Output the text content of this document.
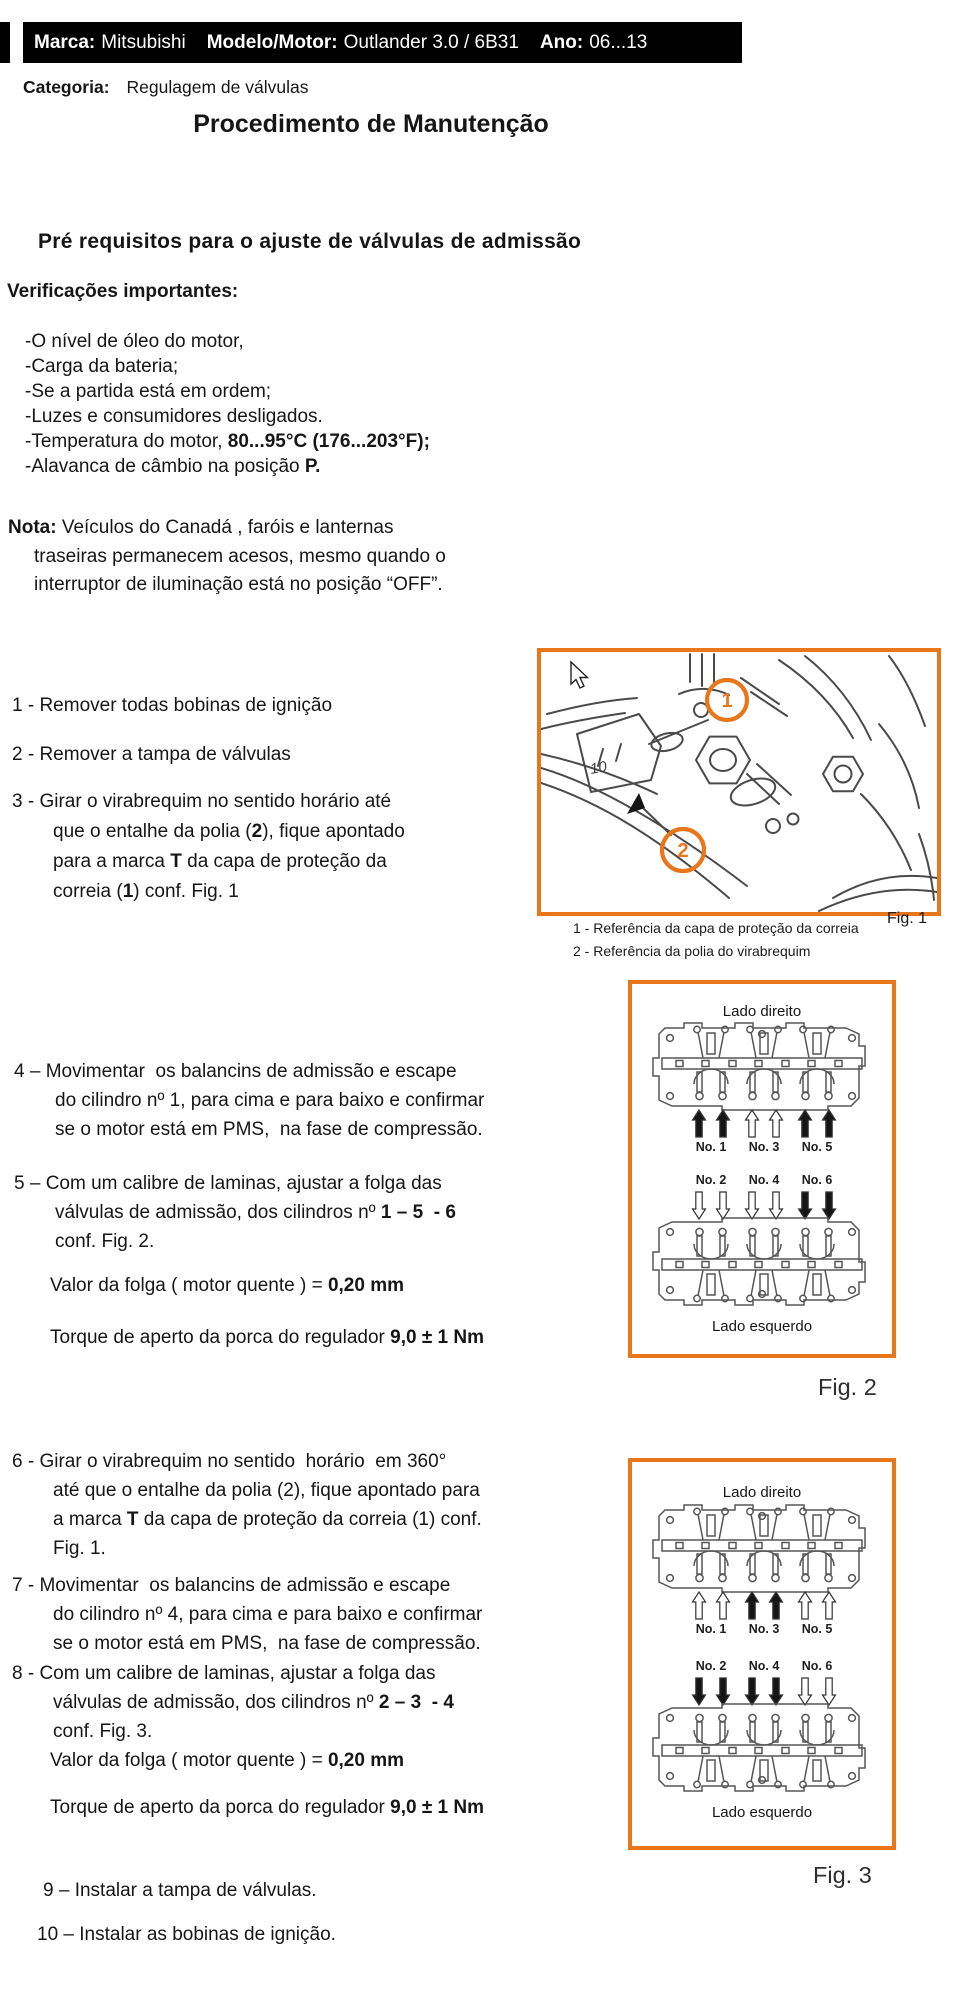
Marca: Mitsubishi Modelo/Motor: Outlander 3.0 / 6B31 Ano: 06...13
Categoria: Regulagem de válvulas
Procedimento de Manutenção
Pré requisitos para o ajuste de válvulas de admissão
Verificações importantes:
-O nível de óleo do motor,
-Carga da bateria;
-Se a partida está em ordem;
-Luzes e consumidores desligados.
-Temperatura do motor, 80...95°C (176...203°F);
-Alavanca de câmbio na posição P.
Nota: Veículos do Canadá , faróis e lanternas
traseiras permanecem acesos, mesmo quando o
interruptor de iluminação está no posição “OFF”.
1 - Remover todas bobinas de ignição
2 - Remover a tampa de válvulas
3 - Girar o virabrequim no sentido horário até
que o entalhe da polia (2), fique apontado
para a marca T da capa de proteção da
correia (1) conf. Fig. 1
4 – Movimentar  os balancins de admissão e escape
do cilindro nº 1, para cima e para baixo e confirmar
se o motor está em PMS,  na fase de compressão.
5 – Com um calibre de laminas, ajustar a folga das
válvulas de admissão, dos cilindros nº 1 – 5  - 6
conf. Fig. 2.
Valor da folga ( motor quente ) = 0,20 mm
Torque de aperto da porca do regulador 9,0 ± 1 Nm
6 - Girar o virabrequim no sentido  horário  em 360°
até que o entalhe da polia (2), fique apontado para
a marca T da capa de proteção da correia (1) conf.
Fig. 1.
7 - Movimentar  os balancins de admissão e escape
do cilindro nº 4, para cima e para baixo e confirmar
se o motor está em PMS,  na fase de compressão.
8 - Com um calibre de laminas, ajustar a folga das
válvulas de admissão, dos cilindros nº 2 – 3  - 4
conf. Fig. 3.
Valor da folga ( motor quente ) = 0,20 mm
Torque de aperto da porca do regulador 9,0 ± 1 Nm
9 – Instalar a tampa de válvulas.
10 – Instalar as bobinas de ignição.
10
1
2
1 - Referência da capa de proteção da correia
2 - Referência da polia do virabrequim
Fig. 1
Lado direito
No. 1 No. 3 No. 5
No. 2 No. 4 No. 6
Lado esquerdo
Fig. 2
Lado direito
No. 1 No. 3 No. 5
No. 2 No. 4 No. 6
Lado esquerdo
Fig. 3
